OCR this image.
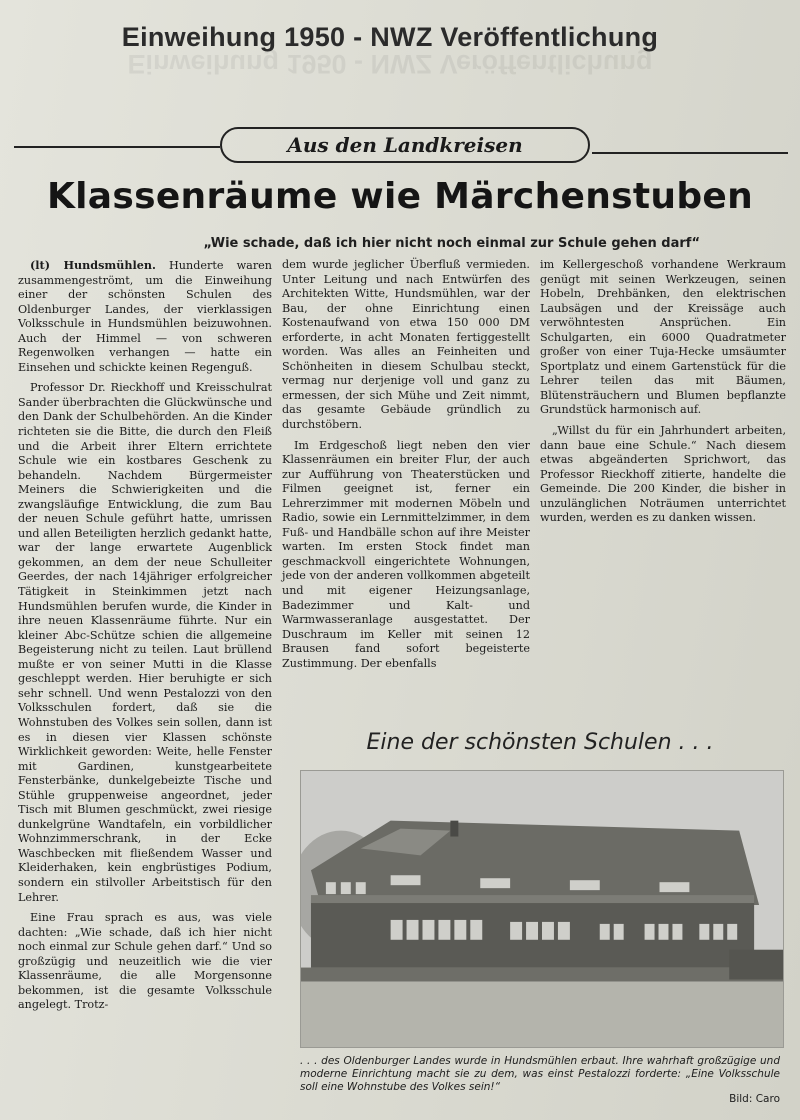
Einweihung 1950 - NWZ Veröffentlichung
Einweihung 1950 - NWZ Veröffentlichung
Aus den Landkreisen
Klassenräume wie Märchenstuben
„Wie schade, daß ich hier nicht noch einmal zur Schule gehen darf“

(lt) Hundsmühlen. Hunderte waren zusammengeströmt, um die Einweihung einer der schönsten Schulen des Oldenburger Landes, der vierklassigen Volksschule in Hundsmühlen beizuwohnen. Auch der Himmel — von schweren Regenwolken verhangen — hatte ein Einsehen und schickte keinen Regenguß.

Professor Dr. Rieckhoff und Kreisschulrat Sander überbrachten die Glückwünsche und den Dank der Schulbehörden. An die Kinder richteten sie die Bitte, die durch den Fleiß und die Arbeit ihrer Eltern errichtete Schule wie ein kostbares Geschenk zu behandeln. Nachdem Bürgermeister Meiners die Schwierigkeiten und die zwangsläufige Entwicklung, die zum Bau der neuen Schule geführt hatte, umrissen und allen Beteiligten herzlich gedankt hatte, war der lange erwartete Augenblick gekommen, an dem der neue Schulleiter Geerdes, der nach 14jähriger erfolgreicher Tätigkeit in Steinkimmen jetzt nach Hundsmühlen berufen wurde, die Kinder in ihre neuen Klassenräume führte. Nur ein kleiner Abc-Schütze schien die allgemeine Begeisterung nicht zu teilen. Laut brüllend mußte er von seiner Mutti in die Klasse geschleppt werden. Hier beruhigte er sich sehr schnell. Und wenn Pestalozzi von den Volksschulen fordert, daß sie die Wohnstuben des Volkes sein sollen, dann ist es in diesen vier Klassen schönste Wirklichkeit geworden: Weite, helle Fenster mit Gardinen, kunstgearbeitete Fensterbänke, dunkelgebeizte Tische und Stühle gruppenweise angeordnet, jeder Tisch mit Blumen geschmückt, zwei riesige dunkelgrüne Wandtafeln, ein vorbildlicher Wohnzimmerschrank, in der Ecke Waschbecken mit fließendem Wasser und Kleiderhaken, kein engbrüstiges Podium, sondern ein stilvoller Arbeitstisch für den Lehrer.

Eine Frau sprach es aus, was viele dachten: „Wie schade, daß ich hier nicht noch einmal zur Schule gehen darf.“ Und so großzügig und neuzeitlich wie die vier Klassenräume, die alle Morgensonne bekommen, ist die gesamte Volksschule angelegt. Trotz-

dem wurde jeglicher Überfluß vermieden. Unter Leitung und nach Entwürfen des Architekten Witte, Hundsmühlen, war der Bau, der ohne Einrichtung einen Kostenaufwand von etwa 150 000 DM erforderte, in acht Monaten fertiggestellt worden. Was alles an Feinheiten und Schönheiten in diesem Schulbau steckt, vermag nur derjenige voll und ganz zu ermessen, der sich Mühe und Zeit nimmt, das gesamte Gebäude gründlich zu durchstöbern.

Im Erdgeschoß liegt neben den vier Klassenräumen ein breiter Flur, der auch zur Aufführung von Theaterstücken und Filmen geeignet ist, ferner ein Lehrerzimmer mit modernen Möbeln und Radio, sowie ein Lernmittelzimmer, in dem Fuß- und Handbälle schon auf ihre Meister warten. Im ersten Stock findet man geschmackvoll eingerichtete Wohnungen, jede von der anderen vollkommen abgeteilt und mit eigener Heizungsanlage, Badezimmer und Kalt- und Warmwasseranlage ausgestattet. Der Duschraum im Keller mit seinen 12 Brausen fand sofort begeisterte Zustimmung. Der ebenfalls

im Kellergeschoß vorhandene Werkraum genügt mit seinen Werkzeugen, seinen Hobeln, Drehbänken, den elektrischen Laubsägen und der Kreissäge auch verwöhntesten Ansprüchen. Ein Schulgarten, ein 6000 Quadratmeter großer von einer Tuja-Hecke umsäumter Sportplatz und einem Gartenstück für die Lehrer teilen das mit Bäumen, Blütensträuchern und Blumen bepflanzte Grundstück harmonisch auf.

„Willst du für ein Jahrhundert arbeiten, dann baue eine Schule.“ Nach diesem etwas abgeänderten Sprichwort, das Professor Rieckhoff zitierte, handelte die Gemeinde. Die 200 Kinder, die bisher in unzulänglichen Noträumen unterrichtet wurden, werden es zu danken wissen.

Eine der schönsten Schulen . . .
. . . des Oldenburger Landes wurde in Hundsmühlen erbaut. Ihre wahrhaft großzügige und moderne Einrichtung macht sie zu dem, was einst Pestalozzi forderte: „Eine Volksschule soll eine Wohnstube des Volkes sein!“
Bild: Caro
